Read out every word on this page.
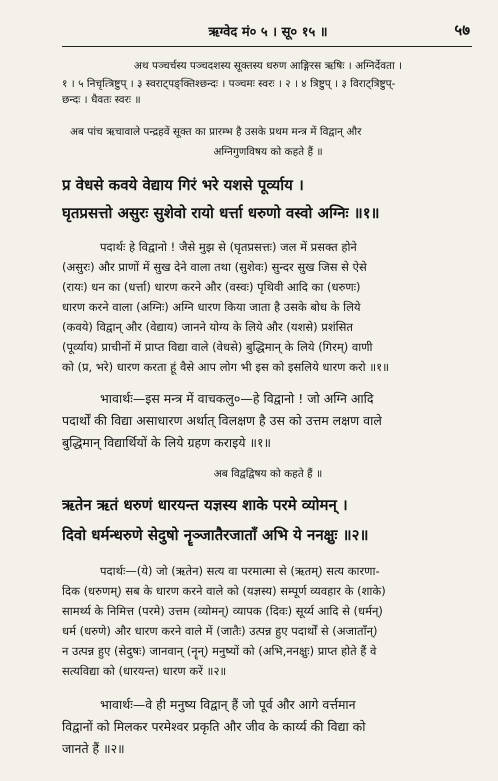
ऋग्वेद मं० ५ । सू० १५ ॥	५७
अथ पञ्चर्चस्य पञ्चदशस्य सूक्तस्य धरुण आङ्गिरस ऋषिः । अग्निर्देवता ।
१ । ५ निचृत्त्रिष्टुप् । ३ स्वराट्पङ्क्तिश्छन्दः । पञ्चमः स्वरः । २ । ४ त्रिष्टुप् । ३ विराट्त्रिष्टुप्-
छन्दः । धैवतः स्वरः ॥
अब पांच ऋचावाले पन्द्रहवें सूक्त का प्रारम्भ है उसके प्रथम मन्त्र में विद्वान् और
अग्निगुणविषय को कहते हैं ॥
प्र वेधसे कवये वेद्याय गिरं भरे यशसे पूर्व्याय ।
घृतप्रसत्तो असुरः सुशेवो रायो धर्त्ता धरुणो वस्वो अग्निः ॥१॥
पदार्थः हे विद्वानो ! जैसे मुझ से (घृतप्रसत्तः) जल में प्रसक्त होने
(असुरः) और प्राणों में सुख देने वाला तथा (सुशेवः) सुन्दर सुख जिस से ऐसे
(रायः) धन का (धर्त्ता) धारण करने और (वस्वः) पृथिवी आदि का (धरुणः)
धारण करने वाला (अग्निः) अग्नि धारण किया जाता है उसके बोध के लिये
(कवये) विद्वान् और (वेद्याय) जानने योग्य के लिये और (यशसे) प्रशंसित
(पूर्व्याय) प्राचीनों में प्राप्त विद्या वाले (वेधसे) बुद्धिमान् के लिये (गिरम्) वाणी
को (प्र, भरे) धारण करता हूं वैसे आप लोग भी इस को इसलिये धारण करो ॥१॥
भावार्थः—इस मन्त्र में वाचकलु०—हे विद्वानो ! जो अग्नि आदि
पदार्थों की विद्या असाधारण अर्थात् विलक्षण है उस को उत्तम लक्षण वाले
बुद्धिमान् विद्यार्थियों के लिये ग्रहण कराइये ॥१॥
अब विद्वद्विषय को कहते हैं ॥
ऋतेन ऋतं धरुणं धारयन्त यज्ञस्य शाके परमे व्योमन् ।
दिवो धर्मन्धरुणे सेदुषो नॄञ्जातैरजाताँ अभि ये ननक्षुः ॥२॥
पदार्थः—(ये) जो (ऋतेन) सत्य वा परमात्मा से (ऋतम्) सत्य कारणा-
दिक (धरुणम्) सब के धारण करने वाले को (यज्ञस्य) सम्पूर्ण व्यवहार के (शाके)
सामर्थ्य के निमित्त (परमे) उत्तम (व्योमन्) व्यापक (दिवः) सूर्य्य आदि से (धर्मन्)
धर्म (धरुणे) और धारण करने वाले में (जातैः) उत्पन्न हुए पदार्थों से (अजाताँन्)
न उत्पन्न हुए (सेदुषः) जानवान् (नॄन्) मनुष्यों को (अभि,ननक्षुः) प्राप्त होते हैं वे
सत्यविद्या को (धारयन्त) धारण करें ॥२॥
भावार्थः—वे ही मनुष्य विद्वान् हैं जो पूर्व और आगे वर्त्तमान
विद्वानों को मिलकर परमेश्वर प्रकृति और जीव के कार्य्य की विद्या को
जानते हैं ॥२॥
